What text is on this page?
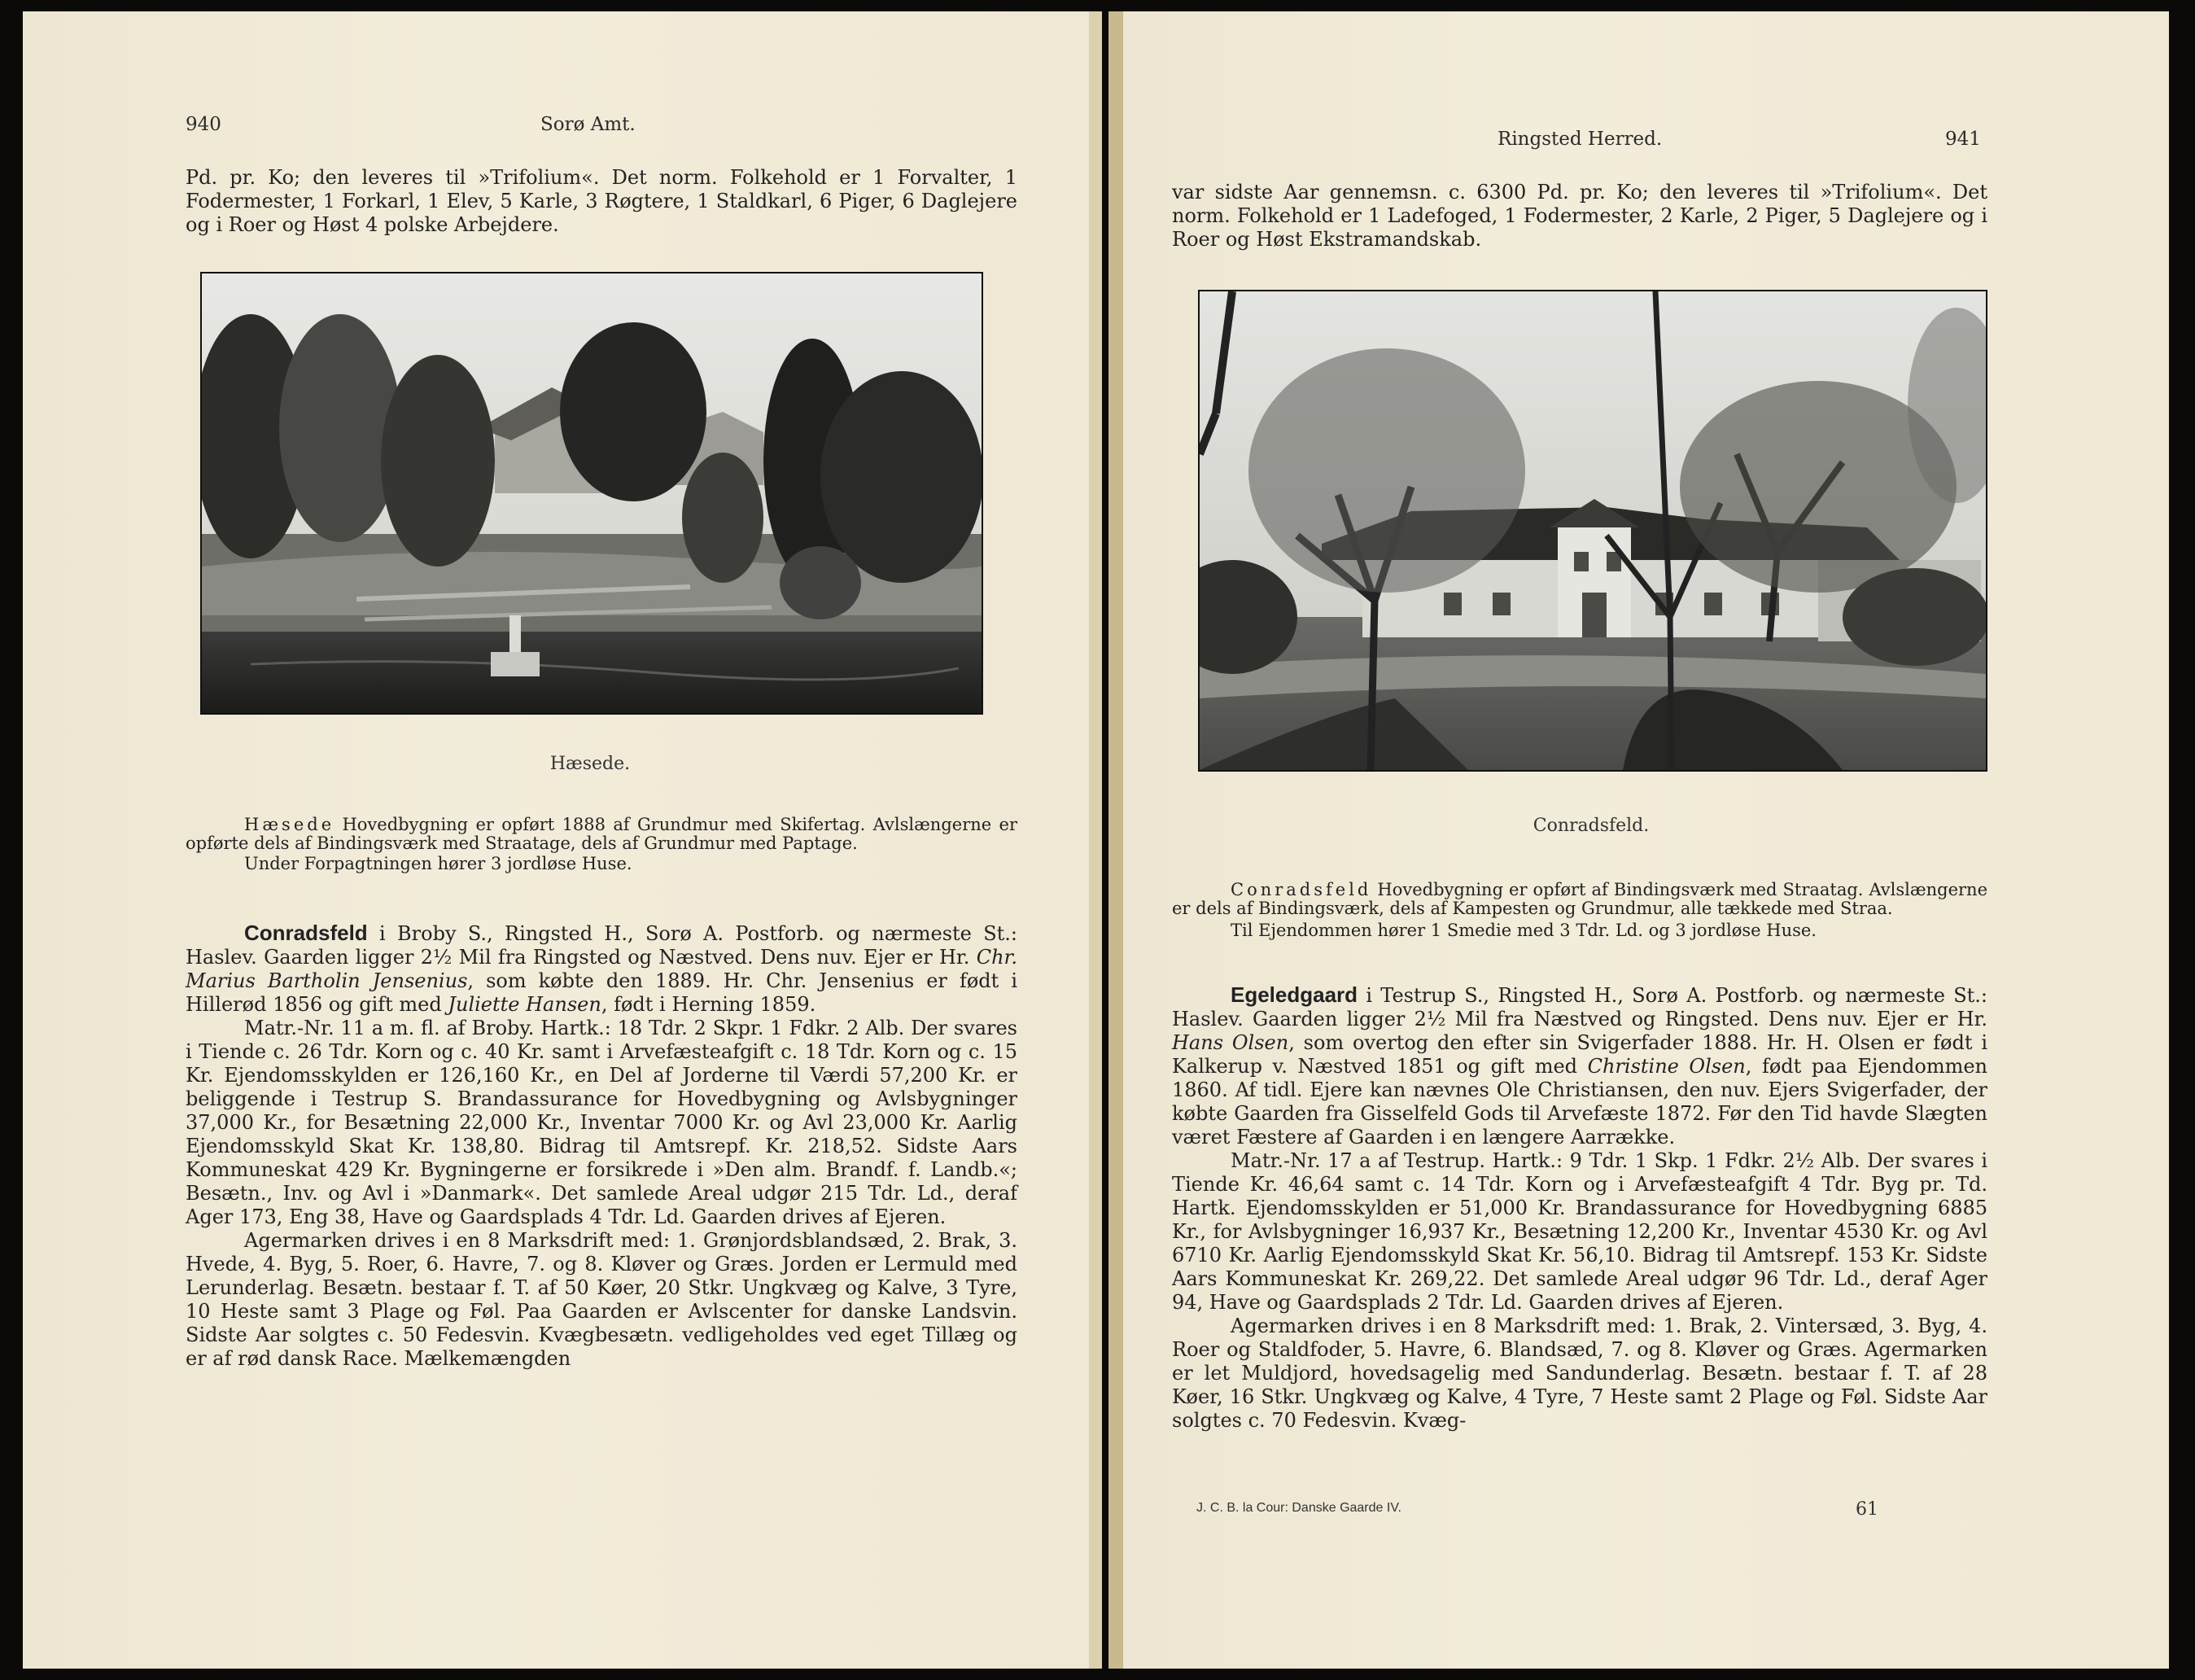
940	Sorø Amt.

Pd. pr. Ko; den leveres til »Trifolium«. Det norm. Folkehold er 1 Forvalter, 1 Fodermester, 1 Forkarl, 1 Elev, 5 Karle, 3 Røgtere, 1 Staldkarl, 6 Piger, 6 Daglejere og i Roer og Høst 4 polske Arbejdere.

Hæsede.

Hæsede Hovedbygning er opført 1888 af Grundmur med Skifertag. Avlslængerne er opførte dels af Bindingsværk med Straatage, dels af Grundmur med Paptage.

Under Forpagtningen hører 3 jordløse Huse.

Conradsfeld i Broby S., Ringsted H., Sorø A. Postforb. og nærmeste St.: Haslev. Gaarden ligger 2½ Mil fra Ringsted og Næstved. Dens nuv. Ejer er Hr. Chr. Marius Bartholin Jensenius, som købte den 1889. Hr. Chr. Jensenius er født i Hillerød 1856 og gift med Juliette Hansen, født i Herning 1859.

Matr.-Nr. 11 a m. fl. af Broby. Hartk.: 18 Tdr. 2 Skpr. 1 Fdkr. 2 Alb. Der svares i Tiende c. 26 Tdr. Korn og c. 40 Kr. samt i Arvefæsteafgift c. 18 Tdr. Korn og c. 15 Kr. Ejendomsskylden er 126,160 Kr., en Del af Jorderne til Værdi 57,200 Kr. er beliggende i Testrup S. Brandassurance for Hovedbygning og Avlsbygninger 37,000 Kr., for Besætning 22,000 Kr., Inventar 7000 Kr. og Avl 23,000 Kr. Aarlig Ejendomsskyld Skat Kr. 138,80. Bidrag til Amtsrepf. Kr. 218,52. Sidste Aars Kommuneskat 429 Kr. Bygningerne er forsikrede i »Den alm. Brandf. f. Landb.«; Besætn., Inv. og Avl i »Danmark«. Det samlede Areal udgør 215 Tdr. Ld., deraf Ager 173, Eng 38, Have og Gaardsplads 4 Tdr. Ld. Gaarden drives af Ejeren.

Agermarken drives i en 8 Marksdrift med: 1. Grønjordsblandsæd, 2. Brak, 3. Hvede, 4. Byg, 5. Roer, 6. Havre, 7. og 8. Kløver og Græs. Jorden er Lermuld med Lerunderlag. Besætn. bestaar f. T. af 50 Køer, 20 Stkr. Ungkvæg og Kalve, 3 Tyre, 10 Heste samt 3 Plage og Føl. Paa Gaarden er Avlscenter for danske Landsvin. Sidste Aar solgtes c. 50 Fedesvin. Kvægbesætn. vedligeholdes ved eget Tillæg og er af rød dansk Race. Mælkemængden

Ringsted Herred.	941

var sidste Aar gennemsn. c. 6300 Pd. pr. Ko; den leveres til »Trifolium«. Det norm. Folkehold er 1 Ladefoged, 1 Fodermester, 2 Karle, 2 Piger, 5 Daglejere og i Roer og Høst Ekstramandskab.

Conradsfeld.

Conradsfeld Hovedbygning er opført af Bindingsværk med Straatag. Avlslængerne er dels af Bindingsværk, dels af Kampesten og Grundmur, alle tækkede med Straa.

Til Ejendommen hører 1 Smedie med 3 Tdr. Ld. og 3 jordløse Huse.

Egeledgaard i Testrup S., Ringsted H., Sorø A. Postforb. og nærmeste St.: Haslev. Gaarden ligger 2½ Mil fra Næstved og Ringsted. Dens nuv. Ejer er Hr. Hans Olsen, som overtog den efter sin Svigerfader 1888. Hr. H. Olsen er født i Kalkerup v. Næstved 1851 og gift med Christine Olsen, født paa Ejendommen 1860. Af tidl. Ejere kan nævnes Ole Christiansen, den nuv. Ejers Svigerfader, der købte Gaarden fra Gisselfeld Gods til Arvefæste 1872. Før den Tid havde Slægten været Fæstere af Gaarden i en længere Aarrække.

Matr.-Nr. 17 a af Testrup. Hartk.: 9 Tdr. 1 Skp. 1 Fdkr. 2½ Alb. Der svares i Tiende Kr. 46,64 samt c. 14 Tdr. Korn og i Arvefæsteafgift 4 Tdr. Byg pr. Td. Hartk. Ejendomsskylden er 51,000 Kr. Brandassurance for Hovedbygning 6885 Kr., for Avlsbygninger 16,937 Kr., Besætning 12,200 Kr., Inventar 4530 Kr. og Avl 6710 Kr. Aarlig Ejendomsskyld Skat Kr. 56,10. Bidrag til Amtsrepf. 153 Kr. Sidste Aars Kommuneskat Kr. 269,22. Det samlede Areal udgør 96 Tdr. Ld., deraf Ager 94, Have og Gaardsplads 2 Tdr. Ld. Gaarden drives af Ejeren.

Agermarken drives i en 8 Marksdrift med: 1. Brak, 2. Vintersæd, 3. Byg, 4. Roer og Staldfoder, 5. Havre, 6. Blandsæd, 7. og 8. Kløver og Græs. Agermarken er let Muldjord, hovedsagelig med Sandunderlag. Besætn. bestaar f. T. af 28 Køer, 16 Stkr. Ungkvæg og Kalve, 4 Tyre, 7 Heste samt 2 Plage og Føl. Sidste Aar solgtes c. 70 Fedesvin. Kvæg-

J. C. B. la Cour: Danske Gaarde IV.	61
